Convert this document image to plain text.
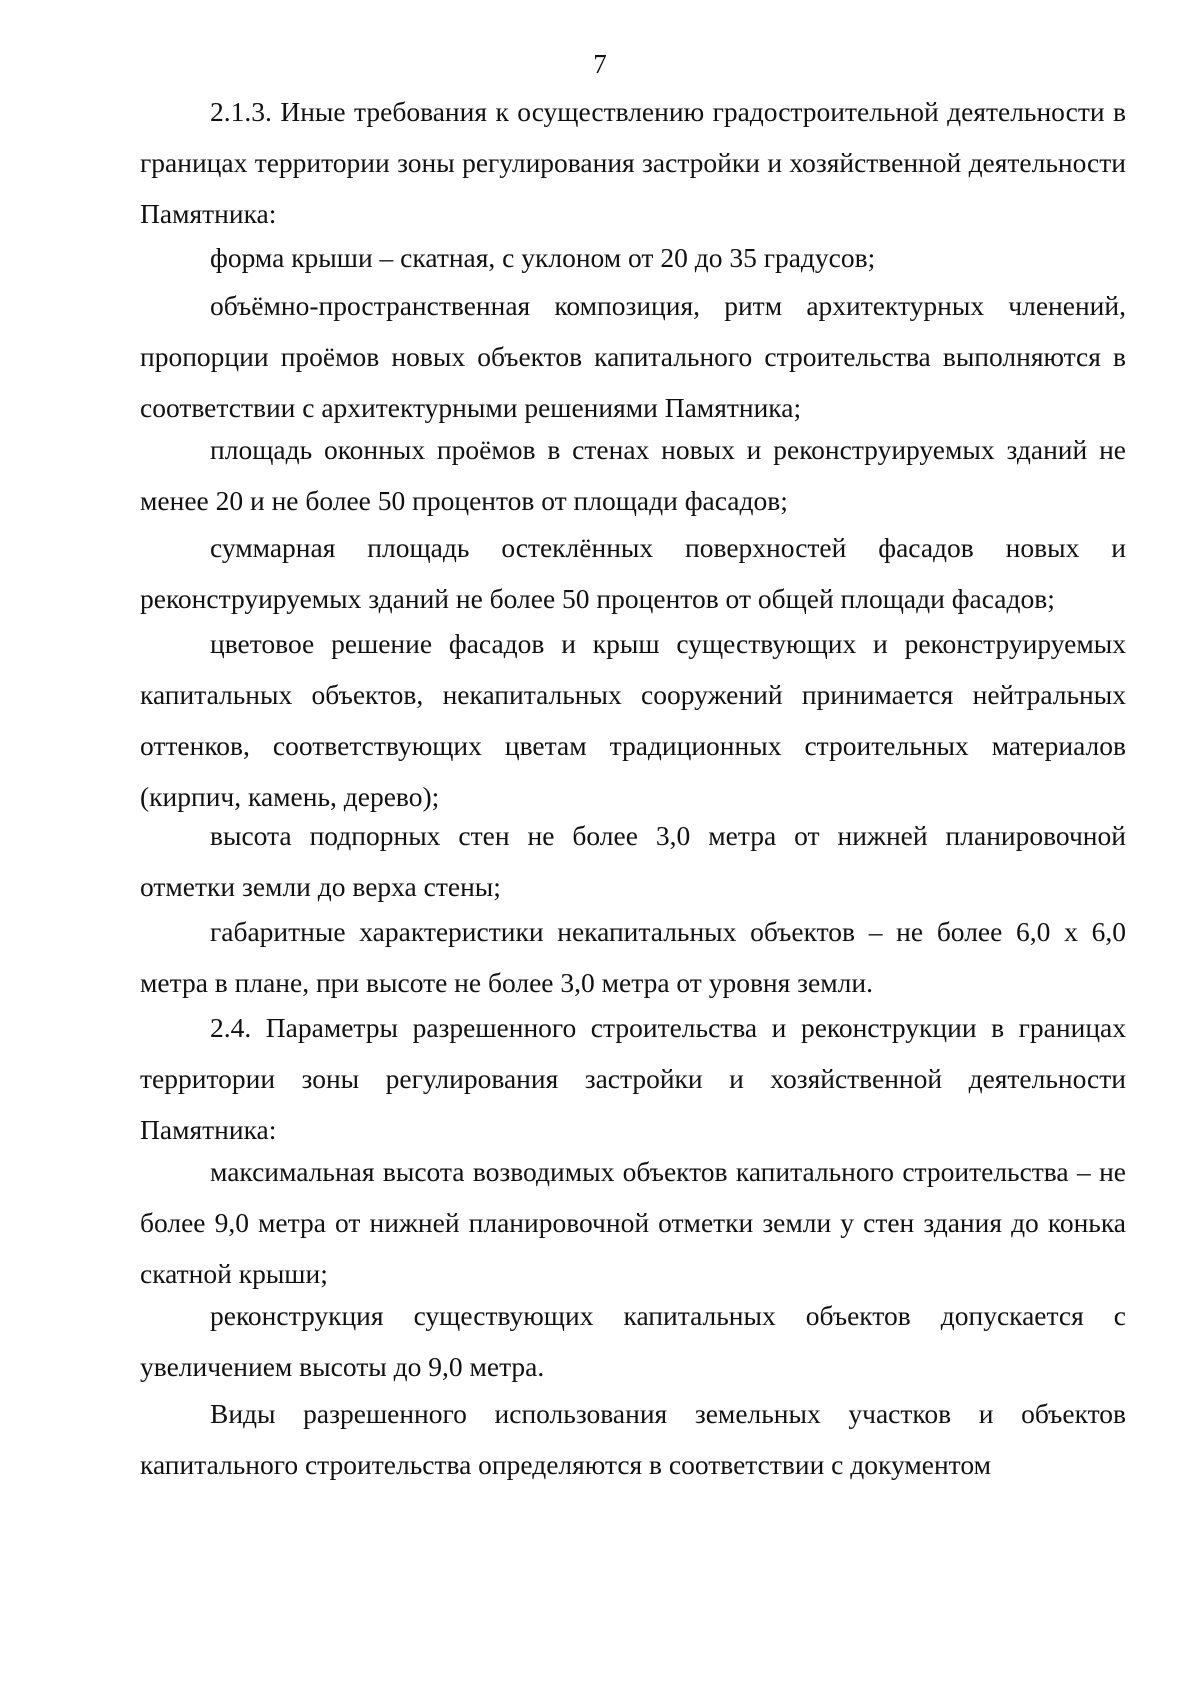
7

2.1.3. Иные требования к осуществлению градостроительной деятельности в границах территории зоны регулирования застройки и хозяйственной деятельности Памятника:

форма крыши – скатная, с уклоном от 20 до 35 градусов;

объёмно-пространственная композиция, ритм архитектурных членений, пропорции проёмов новых объектов капитального строительства выполняются в соответствии с архитектурными решениями Памятника;

площадь оконных проёмов в стенах новых и реконструируемых зданий не менее 20 и не более 50 процентов от площади фасадов;

суммарная площадь остеклённых поверхностей фасадов новых и реконструируемых зданий не более 50 процентов от общей площади фасадов;

цветовое решение фасадов и крыш существующих и реконструируемых капитальных объектов, некапитальных сооружений принимается нейтральных оттенков, соответствующих цветам традиционных строительных материалов (кирпич, камень, дерево);

высота подпорных стен не более 3,0 метра от нижней планировочной отметки земли до верха стены;

габаритные характеристики некапитальных объектов – не более 6,0 х 6,0 метра в плане, при высоте не более 3,0 метра от уровня земли.

2.4. Параметры разрешенного строительства и реконструкции в границах территории зоны регулирования застройки и хозяйственной деятельности Памятника:

максимальная высота возводимых объектов капитального строительства – не более 9,0 метра от нижней планировочной отметки земли у стен здания до конька скатной крыши;

реконструкция существующих капитальных объектов допускается с увеличением высоты до 9,0 метра.

Виды разрешенного использования земельных участков и объектов капитального строительства определяются в соответствии с документом
